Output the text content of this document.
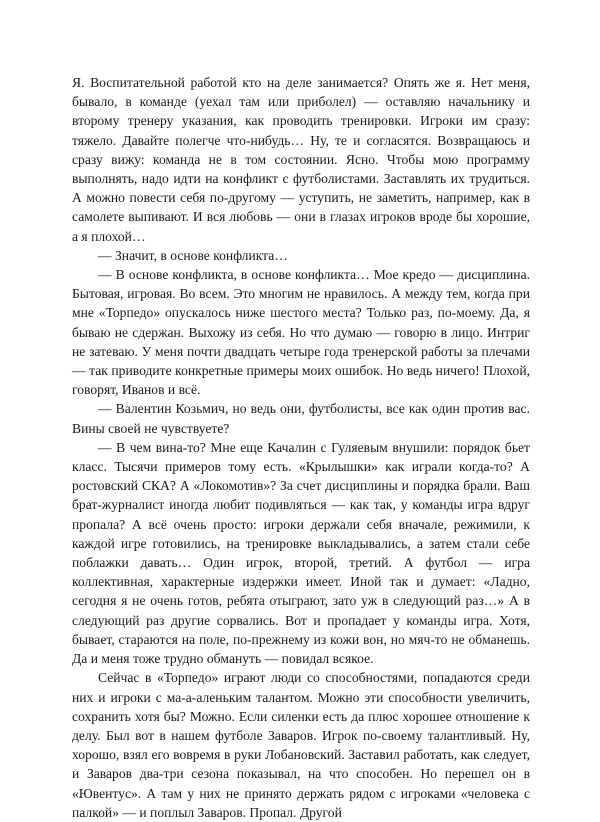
Я. Воспитательной работой кто на деле занимается? Опять же я. Нет меня, бывало, в команде (уехал там или приболел) — оставляю начальнику и второму тренеру указания, как проводить тренировки. Игроки им сразу: тяжело. Давайте полегче что-нибудь… Ну, те и согласятся. Возвращаюсь и сразу вижу: команда не в том состоянии. Ясно. Чтобы мою программу выполнять, надо идти на конфликт с футболистами. Заставлять их трудиться. А можно повести себя по-другому — уступить, не заметить, например, как в самолете выпивают. И вся любовь — они в глазах игроков вроде бы хорошие, а я плохой…

— Значит, в основе конфликта…

— В основе конфликта, в основе конфликта… Мое кредо — дисциплина. Бытовая, игровая. Во всем. Это многим не нравилось. А между тем, когда при мне «Торпедо» опускалось ниже шестого места? Только раз, по-моему. Да, я бываю не сдержан. Выхожу из себя. Но что думаю — говорю в лицо. Интриг не затеваю. У меня почти двадцать четыре года тренерской работы за плечами — так приводите конкретные примеры моих ошибок. Но ведь ничего! Плохой, говорят, Иванов и всё.

— Валентин Козьмич, но ведь они, футболисты, все как один против вас. Вины своей не чувствуете?

— В чем вина-то? Мне еще Качалин с Гуляевым внушили: порядок бьет класс. Тысячи примеров тому есть. «Крылышки» как играли когда-то? А ростовский СКА? А «Локомотив»? За счет дисциплины и порядка брали. Ваш брат-журналист иногда любит подивляться — как так, у команды игра вдруг пропала? А всё очень просто: игроки держали себя вначале, режимили, к каждой игре готовились, на тренировке выкладывались, а затем стали себе поблажки давать… Один игрок, второй, третий. А футбол — игра коллективная, характерные издержки имеет. Иной так и думает: «Ладно, сегодня я не очень готов, ребята отыграют, зато уж в следующий раз…» А в следующий раз другие сорвались. Вот и пропадает у команды игра. Хотя, бывает, стараются на поле, по-прежнему из кожи вон, но мяч-то не обманешь. Да и меня тоже трудно обмануть — повидал всякое.

Сейчас в «Торпедо» играют люди со способностями, попадаются среди них и игроки с ма-а-аленьким талантом. Можно эти способности увеличить, сохранить хотя бы? Можно. Если силенки есть да плюс хорошее отношение к делу. Был вот в нашем футболе Заваров. Игрок по-своему талантливый. Ну, хорошо, взял его вовремя в руки Лобановский. Заставил работать, как следует, и Заваров два-три сезона показывал, на что способен. Но перешел он в «Ювентус». А там у них не принято держать рядом с игроками «человека с палкой» — и поплыл Заваров. Пропал. Другой
